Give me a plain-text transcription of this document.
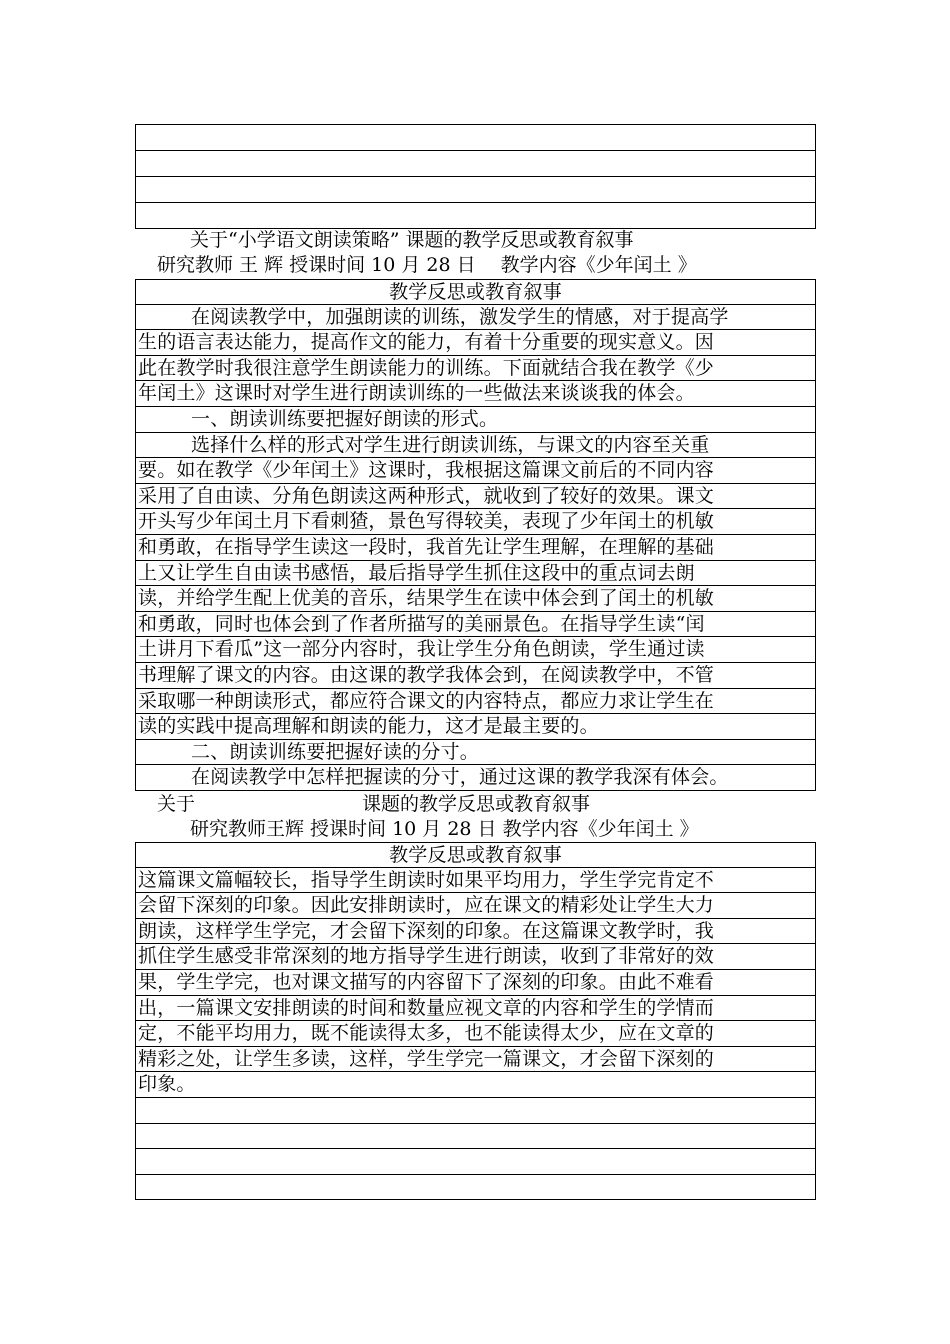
关于“小学语文朗读策略” 课题的教学反思或教育叙事
研究教师 王 辉 授课时间 10 月 28 日　 教学内容《少年闰土 》
教学反思或教育叙事
在阅读教学中，加强朗读的训练，激发学生的情感，对于提高学
生的语言表达能力，提高作文的能力，有着十分重要的现实意义。因
此在教学时我很注意学生朗读能力的训练。下面就结合我在教学《少
年闰土》这课时对学生进行朗读训练的一些做法来谈谈我的体会。
一、朗读训练要把握好朗读的形式。
选择什么样的形式对学生进行朗读训练，与课文的内容至关重
要。如在教学《少年闰土》这课时，我根据这篇课文前后的不同内容
采用了自由读、分角色朗读这两种形式，就收到了较好的效果。课文
开头写少年闰土月下看刺猹，景色写得较美，表现了少年闰土的机敏
和勇敢，在指导学生读这一段时，我首先让学生理解，在理解的基础
上又让学生自由读书感悟，最后指导学生抓住这段中的重点词去朗
读，并给学生配上优美的音乐，结果学生在读中体会到了闰土的机敏
和勇敢，同时也体会到了作者所描写的美丽景色。在指导学生读“闰
土讲月下看瓜”这一部分内容时，我让学生分角色朗读，学生通过读
书理解了课文的内容。由这课的教学我体会到，在阅读教学中，不管
采取哪一种朗读形式，都应符合课文的内容特点，都应力求让学生在
读的实践中提高理解和朗读的能力，这才是最主要的。
二、朗读训练要把握好读的分寸。
在阅读教学中怎样把握读的分寸，通过这课的教学我深有体会。
关于	课题的教学反思或教育叙事
研究教师王辉 授课时间 10 月 28 日 教学内容《少年闰土 》
教学反思或教育叙事
这篇课文篇幅较长，指导学生朗读时如果平均用力，学生学完肯定不
会留下深刻的印象。因此安排朗读时，应在课文的精彩处让学生大力
朗读，这样学生学完，才会留下深刻的印象。在这篇课文教学时，我
抓住学生感受非常深刻的地方指导学生进行朗读，收到了非常好的效
果，学生学完，也对课文描写的内容留下了深刻的印象。由此不难看
出，一篇课文安排朗读的时间和数量应视文章的内容和学生的学情而
定，不能平均用力，既不能读得太多，也不能读得太少，应在文章的
精彩之处，让学生多读，这样，学生学完一篇课文，才会留下深刻的
印象。
